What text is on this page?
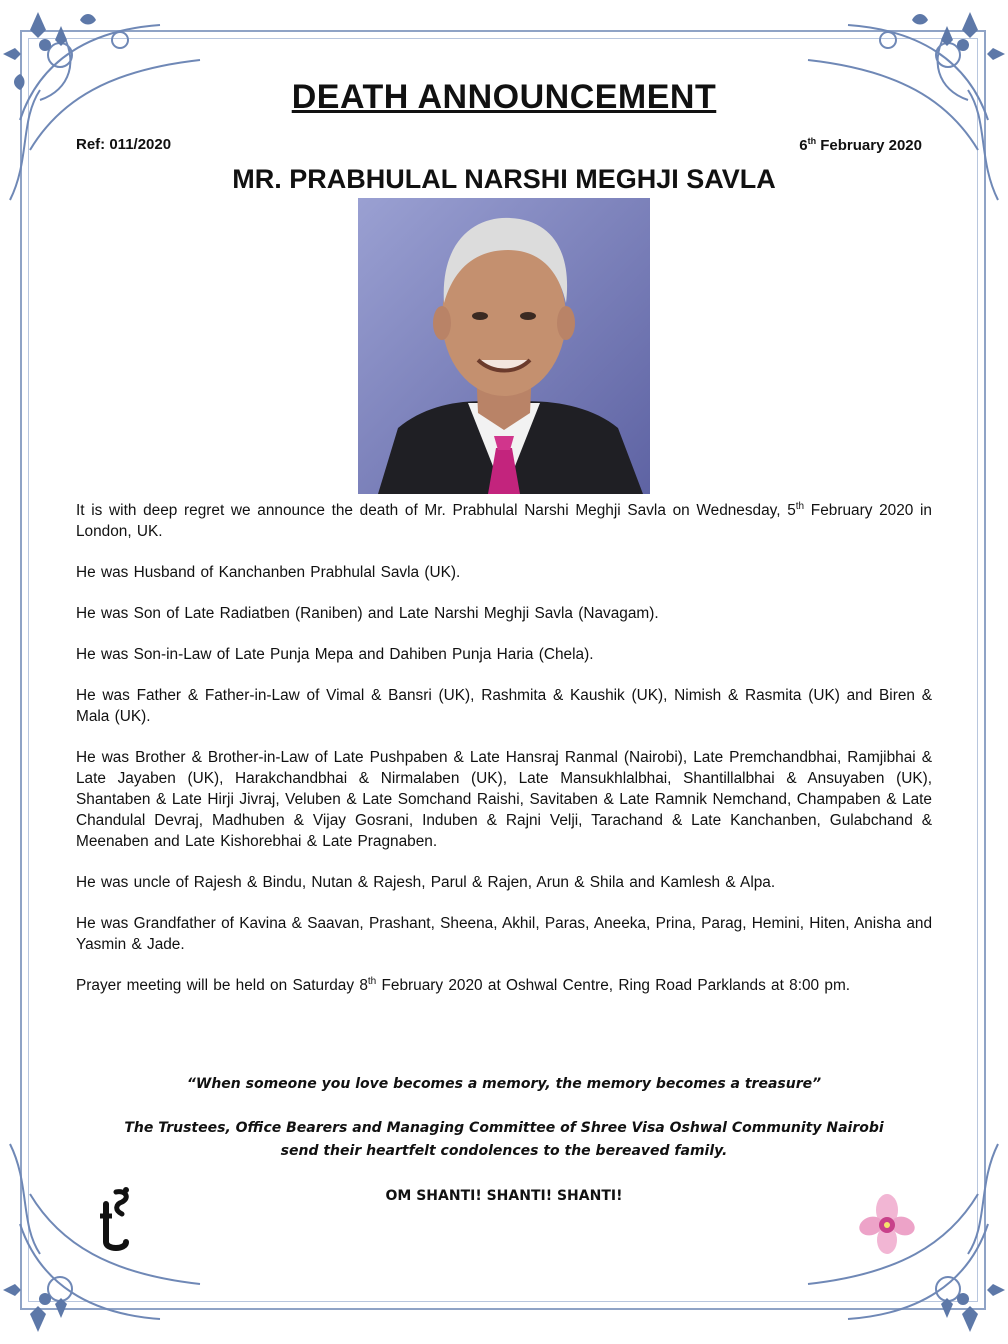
DEATH ANNOUNCEMENT
Ref: 011/2020	6th February 2020
MR. PRABHULAL NARSHI MEGHJI SAVLA

It is with deep regret we announce the death of Mr. Prabhulal Narshi Meghji Savla on Wednesday, 5th February 2020 in London, UK.

He was Husband of Kanchanben Prabhulal Savla (UK).

He was Son of Late Radiatben (Raniben) and Late Narshi Meghji Savla (Navagam).

He was Son-in-Law of Late Punja Mepa and Dahiben Punja Haria (Chela).

He was Father & Father-in-Law of Vimal & Bansri (UK), Rashmita & Kaushik (UK), Nimish & Rasmita (UK) and Biren & Mala (UK).

He was Brother & Brother-in-Law of Late Pushpaben & Late Hansraj Ranmal (Nairobi), Late Premchandbhai, Ramjibhai & Late Jayaben (UK), Harakchandbhai & Nirmalaben (UK), Late Mansukhlalbhai, Shantillalbhai & Ansuyaben (UK), Shantaben & Late Hirji Jivraj, Veluben & Late Somchand Raishi, Savitaben & Late Ramnik Nemchand, Champaben & Late Chandulal Devraj, Madhuben & Vijay Gosrani, Induben & Rajni Velji, Tarachand & Late Kanchanben, Gulabchand & Meenaben and Late Kishorebhai & Late Pragnaben.

He was uncle of Rajesh & Bindu, Nutan & Rajesh, Parul & Rajen, Arun & Shila and Kamlesh & Alpa.

He was Grandfather of Kavina & Saavan, Prashant, Sheena, Akhil, Paras, Aneeka, Prina, Parag, Hemini, Hiten, Anisha and Yasmin & Jade.

Prayer meeting will be held on Saturday 8th February 2020 at Oshwal Centre, Ring Road Parklands at 8:00 pm.

“When someone you love becomes a memory, the memory becomes a treasure”
The Trustees, Office Bearers and Managing Committee of Shree Visa Oshwal Community Nairobi
send their heartfelt condolences to the bereaved family.
OM SHANTI! SHANTI! SHANTI!
